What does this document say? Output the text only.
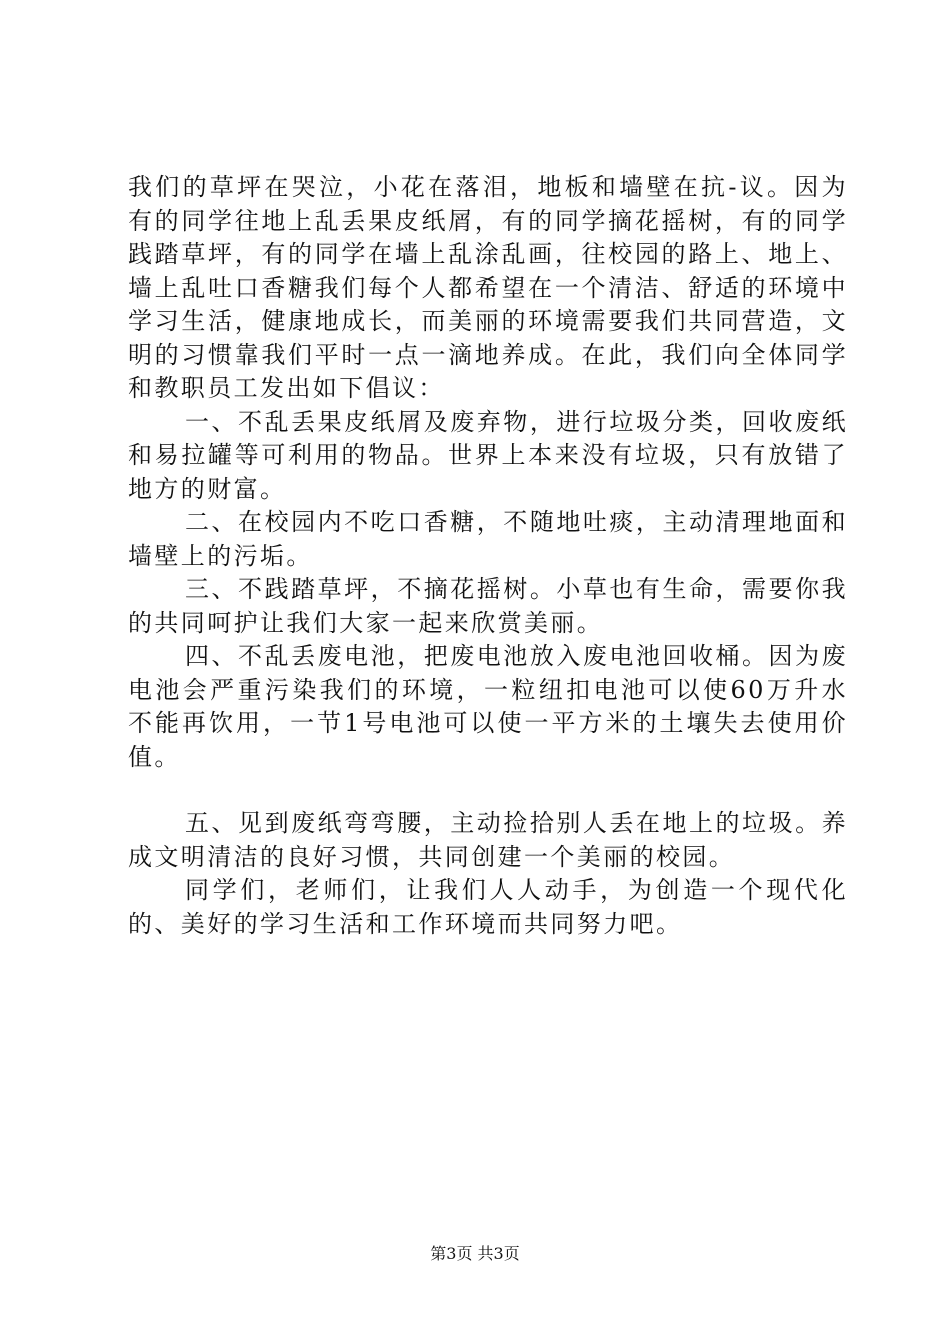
我们的草坪在哭泣，小花在落泪，地板和墙壁在抗-议。因为有的同学往地上乱丢果皮纸屑，有的同学摘花摇树，有的同学践踏草坪，有的同学在墙上乱涂乱画，往校园的路上、地上、墙上乱吐口香糖我们每个人都希望在一个清洁、舒适的环境中学习生活，健康地成长，而美丽的环境需要我们共同营造，文明的习惯靠我们平时一点一滴地养成。在此，我们向全体同学和教职员工发出如下倡议：

一、不乱丢果皮纸屑及废弃物，进行垃圾分类，回收废纸和易拉罐等可利用的物品。世界上本来没有垃圾，只有放错了地方的财富。

二、在校园内不吃口香糖，不随地吐痰，主动清理地面和墙壁上的污垢。

三、不践踏草坪，不摘花摇树。小草也有生命，需要你我的共同呵护让我们大家一起来欣赏美丽。

四、不乱丢废电池，把废电池放入废电池回收桶。因为废电池会严重污染我们的环境，一粒纽扣电池可以使60万升水不能再饮用，一节1号电池可以使一平方米的土壤失去使用价值。

五、见到废纸弯弯腰，主动捡拾别人丢在地上的垃圾。养成文明清洁的良好习惯，共同创建一个美丽的校园。

同学们，老师们，让我们人人动手，为创造一个现代化的、美好的学习生活和工作环境而共同努力吧。

第3页 共3页
